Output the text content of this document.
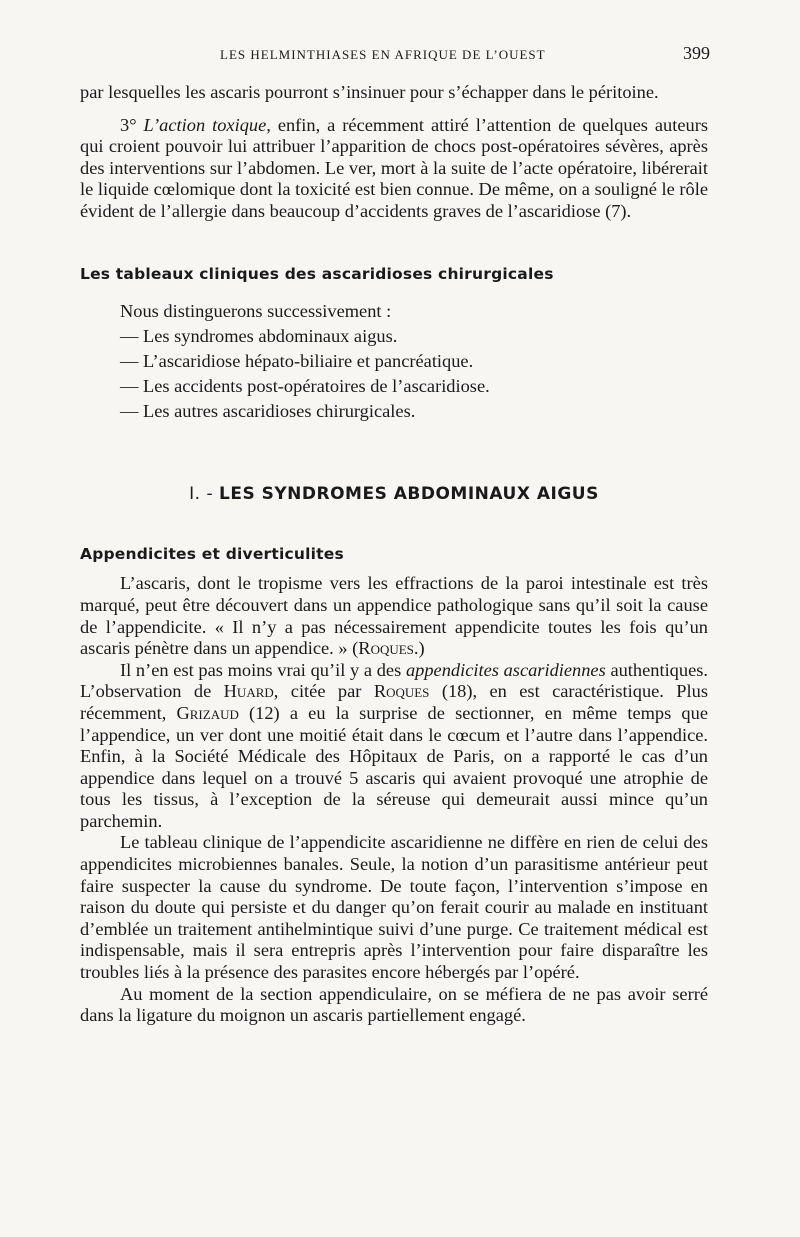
LES HELMINTHIASES EN AFRIQUE DE L’OUEST	399

par lesquelles les ascaris pourront s’insinuer pour s’échapper dans le péritoine.

3° L’action toxique, enfin, a récemment attiré l’attention de quelques auteurs qui croient pouvoir lui attribuer l’apparition de chocs post-opératoires sévères, après des interventions sur l’abdomen. Le ver, mort à la suite de l’acte opératoire, libérerait le liquide cœlomique dont la toxicité est bien connue. De même, on a souligné le rôle évident de l’allergie dans beaucoup d’accidents graves de l’ascaridiose (7).

Les tableaux cliniques des ascaridioses chirurgicales
Nous distinguerons successivement :
— Les syndromes abdominaux aigus.
— L’ascaridiose hépato-biliaire et pancréatique.
— Les accidents post-opératoires de l’ascaridiose.
— Les autres ascaridioses chirurgicales.
I. - LES SYNDROMES ABDOMINAUX AIGUS
Appendicites et diverticulites

L’ascaris, dont le tropisme vers les effractions de la paroi intestinale est très marqué, peut être découvert dans un appendice pathologique sans qu’il soit la cause de l’appendicite. « Il n’y a pas nécessairement appendicite toutes les fois qu’un ascaris pénètre dans un appendice. » (Roques.)

Il n’en est pas moins vrai qu’il y a des appendicites ascaridiennes authentiques. L’observation de Huard, citée par Roques (18), en est caractéristique. Plus récemment, Grizaud (12) a eu la surprise de sectionner, en même temps que l’appendice, un ver dont une moitié était dans le cœcum et l’autre dans l’appendice. Enfin, à la Société Médicale des Hôpitaux de Paris, on a rapporté le cas d’un appendice dans lequel on a trouvé 5 ascaris qui avaient provoqué une atrophie de tous les tissus, à l’exception de la séreuse qui demeurait aussi mince qu’un parchemin.

Le tableau clinique de l’appendicite ascaridienne ne diffère en rien de celui des appendicites microbiennes banales. Seule, la notion d’un parasitisme antérieur peut faire suspecter la cause du syndrome. De toute façon, l’intervention s’impose en raison du doute qui persiste et du danger qu’on ferait courir au malade en instituant d’emblée un traitement antihelmintique suivi d’une purge. Ce traitement médical est indispensable, mais il sera entrepris après l’intervention pour faire disparaître les troubles liés à la présence des parasites encore hébergés par l’opéré.

Au moment de la section appendiculaire, on se méfiera de ne pas avoir serré dans la ligature du moignon un ascaris partiellement engagé.
